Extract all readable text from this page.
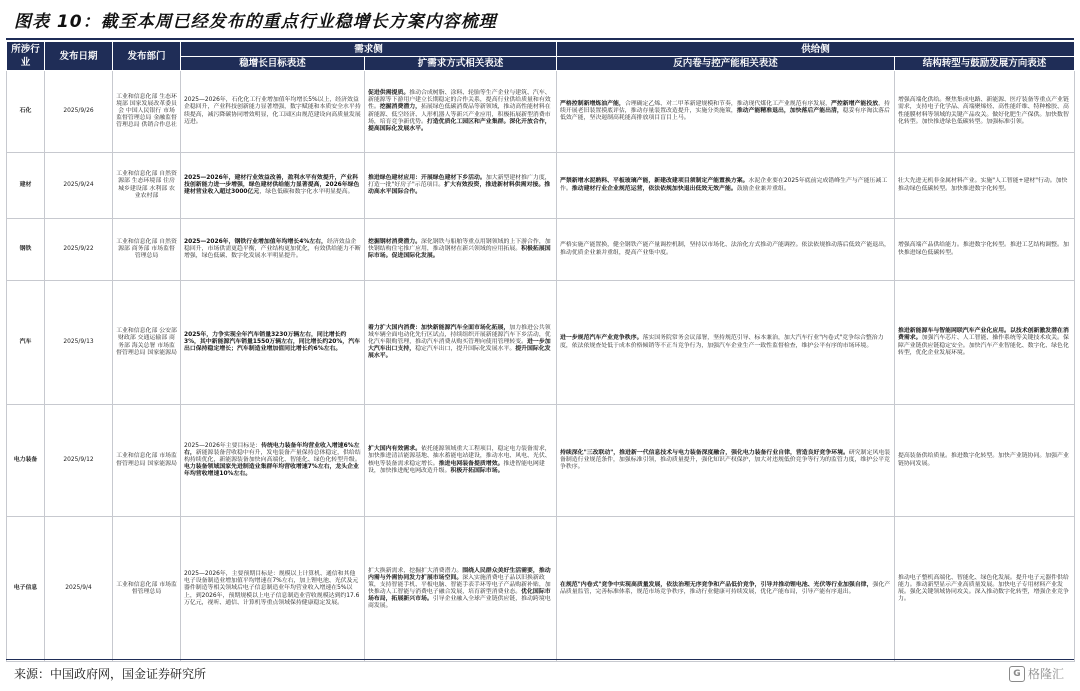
图表 10：截至本周已经发布的重点行业稳增长方案内容梳理
所涉行业	发布日期	发布部门	需求侧		供给侧	
			稳增长目标表述	扩需求方式相关表述	反内卷与控产能相关表述	结构转型与鼓励发展方向表述
石化	2025/9/26	工业和信息化部 生态环境部 国家发展改革委员会 中国人民银行 市场监督管理总局 金融监督管理总局 供销合作总社	2025—2026年，石化化工行业增加值年均增长5%以上，经济效益企稳回升，产业科技创新能力显著增强，数字赋能和本质安全水平持续提高，减污降碳协同增效明显，化工园区由规范建设向高质量发展迈进。	促进供需提质。推动合成树脂、涂料、轮胎等生产企业与建筑、汽车、新能源等下游用户建立长期稳定的合作关系，提高行业供给质量和有效性。挖掘消费潜力，拓展绿色低碳消费品等新领域，推动高性能材料在新能源、低空经济、人形机器人等新兴产业应用，积极拓展新型消费市场，培育竞争新优势。打造优质化工园区和产业集群。深化开放合作，提高国际化发展水平。	严格控制新增炼油产能，合理确定乙烯、对二甲苯新建规模和节奏，推动现代煤化工产业规范有序发展，严控新增产能投放，持续开展老旧装置摸底评估，推动存量装置改造提升，实施分类施策，推动产能精准退出，加快落后产能出清，稳妥有序淘汰落后低效产能，坚决遏制高耗能高排放项目盲目上马。	增强高端化供给。聚焦集成电路、新能源、医疗装备等重点产业链需求，支持电子化学品、高端聚烯烃、高性能纤维、特种橡胶、高性能膜材料等领域的关键产品攻关。做好化肥生产保供。加快数智化转型。加快推进绿色低碳转型。加强标准引领。
建材	2025/9/24	工业和信息化部 自然资源部 生态环境部 住房城乡建设部 水利部 农业农村部	2025—2026年，建材行业效益改善，盈利水平有效提升，产业科技创新能力进一步增强，绿色建材供给能力显著提高，2026年绿色建材营业收入超过3000亿元，绿色低碳和数字化水平明显提高。	推进绿色建材应用：开展绿色建材下乡活动。加大新型建材推广力度，打造一批"好房子"示范项目。扩大有效投资，推进新材料供需对接。推动高水平国际合作。	严禁新增水泥熟料、平板玻璃产能，新建改建项目须制定产能置换方案。水泥企业要在2025年底前完成错峰生产与产能压减工作。推动建材行业企业规范运营，依法依规加快退出低效无效产能。鼓励企业兼并重组。	壮大先进无机非金属材料产业。实施"人工智能+建材"行动。加快推动绿色低碳转型。加快推进数字化转型。
钢铁	2025/9/22	工业和信息化部 自然资源部 商务部 市场监督管理总局	2025—2026年，钢铁行业增加值年均增长4%左右，经济效益企稳回升，市场供需更趋平衡，产业结构更加优化，有效供给能力不断增强，绿色低碳、数字化发展水平明显提升。	挖掘钢材消费潜力。深化钢铁与船舶等重点用钢领域的上下游合作，加快钢结构住宅推广应用，推动钢材在新兴领域的应用拓展。积极拓展国际市场。促进国际化发展。	严格实施产能置换，健全钢铁产能产量调控机制，坚持以市场化、法治化方式推动产能调控。依法依规推动落后低效产能退出，推动优质企业兼并重组，提高产业集中度。	增强高端产品供给能力。推进数字化转型。推进工艺结构调整。加快推进绿色低碳转型。
汽车	2025/9/13	工业和信息化部 公安部 财政部 交通运输部 商务部 海关总署 市场监督管理总局 国家能源局	2025年，力争实现全年汽车销量3230万辆左右，同比增长约3%，其中新能源汽车销量1550万辆左右，同比增长约20%，汽车出口保持稳定增长；汽车制造业增加值同比增长约6%左右。	着力扩大国内消费：加快新能源汽车全面市场化拓展，加力推进公共领域车辆全面电动化先行区试点，持续组织开展新能源汽车下乡活动，优化汽车限购管理，推动汽车消费从购买管理向使用管理转变。进一步加大汽车出口支持，稳定汽车出口，提升国际化发展水平。提升国际化发展水平。	进一步规范汽车产业竞争秩序。落实国务院常务会议部署，坚持规范引导、标本兼治，加大汽车行业"内卷式"竞争综合整治力度，依法依规查处低于成本价格倾销等不正当竞争行为，加强汽车企业生产一致性监督检查，维护公平有序的市场环境。	推进新能源车与智能网联汽车产业化应用。以技术创新激发潜在消费需求。加强汽车芯片、人工智能、操作系统等关键技术攻关。保障产业链供应链稳定安全。加快汽车产业智能化、数字化、绿色化转型，优化企业发展环境。
电力装备	2025/9/12	工业和信息化部 市场监督管理总局 国家能源局	2025—2026年主要目标是：传统电力装备年均营业收入增速6%左右，新能源装备营收稳中有升，发电装备产量保持总体稳定，供给结构持续优化，新能源装备加快向高端化、智能化、绿色化转型升级。电力装备领域国家先进制造业集群年均营收增速7%左右，龙头企业年均营收增速10%左右。	扩大国内有效需求。依托能源领域重大工程项目，稳定电力装备需求，加快推进清洁能源基地、抽水蓄能电站建设，推动水电、风电、光伏、核电等装备需求稳定增长。推进电网装备提质增效。推进智能电网建设，加快推进配电网改造升级。积极开拓国际市场。	持续深化"三改联动"，推进新一代信息技术与电力装备深度融合，强化电力装备行业自律，营造良好竞争环境。研究制定风电装备制造行业规范条件，加强标准引领，推动质量提升，强化知识产权保护，加大对违规低价竞争等行为的监管力度，维护公平竞争秩序。	提高装备供给质量。推进数字化转型。加快产业链协同。加强产业链协同发展。
电子信息	2025/9/4	工业和信息化部 市场监督管理总局	2025—2026年，主要预期目标是：规模以上计算机、通信和其他电子设备制造业增加值平均增速在7%左右，加上锂电池、光伏及元器件制造等相关领域后电子信息制造业年均营业收入增速在5%以上，到2026年，预期规模以上电子信息制造业营收规模达到约17.6万亿元，视听、通信、计算机等重点领域保持健康稳定发展。	扩大换新需求，挖掘扩大消费潜力。围绕人民群众美好生活需要，推动内需与外需协同发力扩展市场空间。深入实施消费电子品以旧换新政策，支持智能手机、平板电脑、智能手表手环等电子产品购新补贴，加快推动人工智能与消费电子融合发展，培育新型消费业态。优化国际市场布局，拓展新兴市场。引导企业融入全球产业链供应链，推动跨境电商发展。	在规范"内卷式"竞争中实现高质量发展，依法治理无序竞争和产品低价竞争，引导并推动锂电池、光伏等行业加强自律，强化产品质量监管，完善标准体系，规范市场竞争秩序，推动行业健康可持续发展，优化产能布局，引导产能有序退出。	推动电子整机高端化、智能化、绿色化发展。提升电子元器件供给能力。推动新型显示产业高质量发展。加快电子专用材料产业发展。强化关键领域协同攻关。深入推动数字化转型，增强企业竞争力。
来源：中国政府网，国金证券研究所	G 格隆汇
